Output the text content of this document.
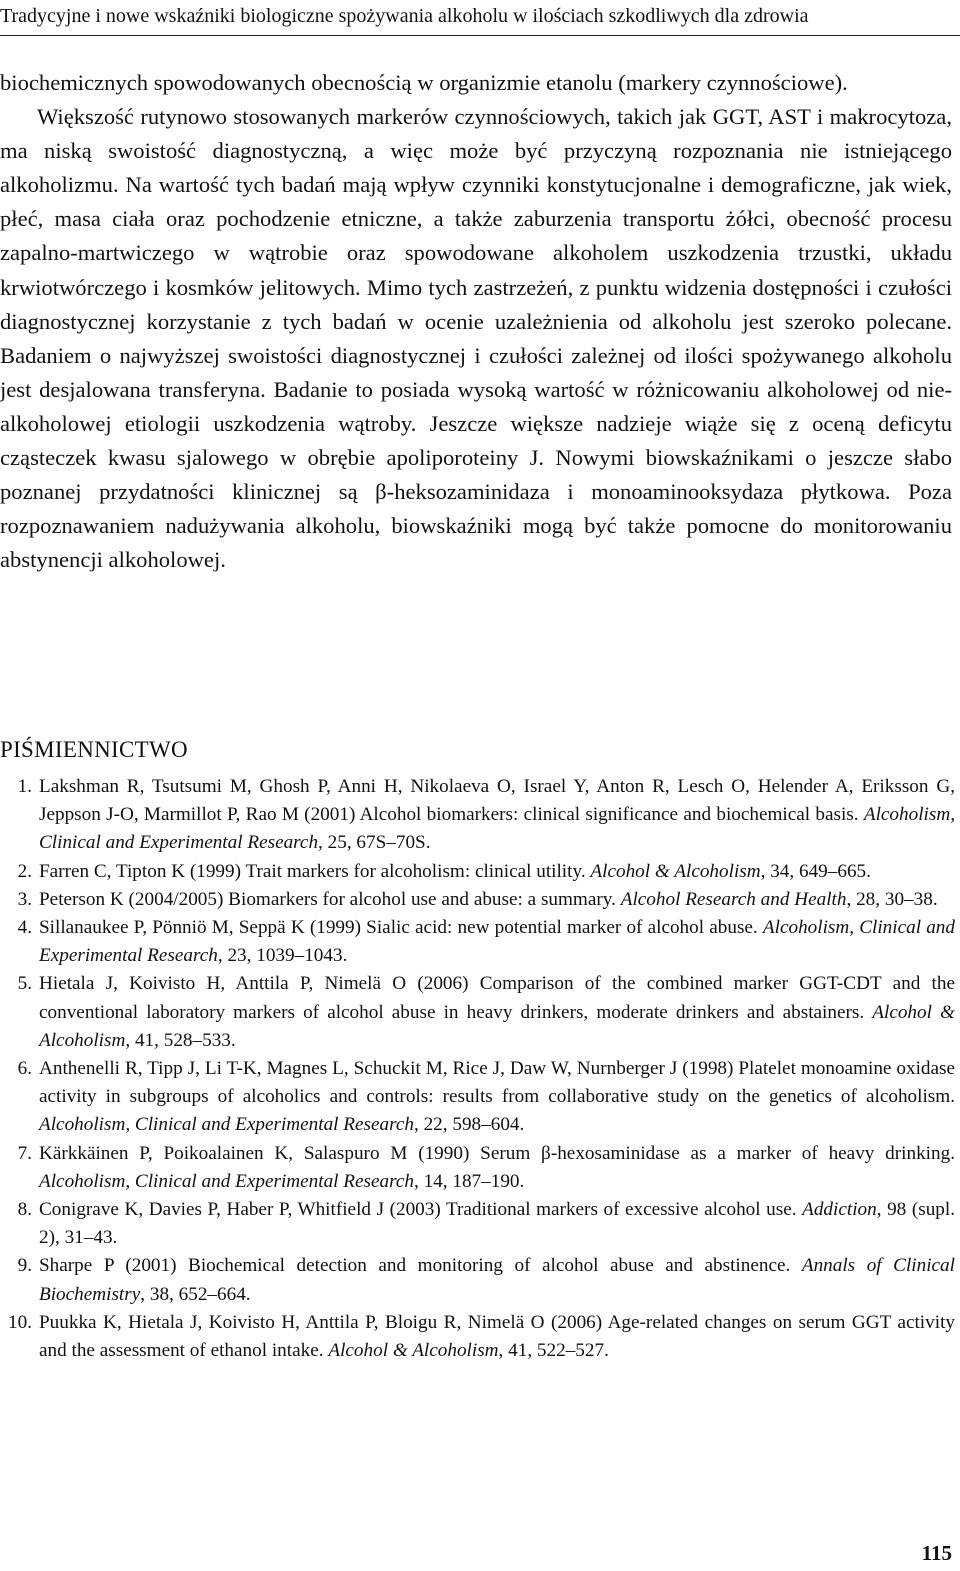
Tradycyjne i nowe wskaźniki biologiczne spożywania alkoholu w ilościach szkodliwych dla zdrowia

biochemicznych spowodowanych obecnością w organizmie etanolu (markery czynnościowe).

Większość rutynowo stosowanych markerów czynnościowych, takich jak GGT, AST i makrocytoza, ma niską swoistość diagnostyczną, a więc może być przyczyną rozpoznania nie istniejącego alkoholizmu. Na wartość tych badań mają wpływ czynniki konstytucjonalne i demograficzne, jak wiek, płeć, masa ciała oraz pochodzenie etniczne, a także zaburzenia transportu żółci, obecność procesu zapalno-martwiczego w wątrobie oraz spowodowane alkoholem uszkodzenia trzustki, układu krwiotwórczego i kosmków jelitowych. Mimo tych zastrzeżeń, z punktu widzenia dostępności i czułości diagnostycznej korzystanie z tych badań w ocenie uzależnienia od alkoholu jest szeroko polecane. Badaniem o najwyższej swoistości diagnostycznej i czułości zależnej od ilości spożywanego alkoholu jest desjalowana transferyna. Badanie to posiada wysoką wartość w różnicowaniu alkoholowej od nie-alkoholowej etiologii uszkodzenia wątroby. Jeszcze większe nadzieje wiąże się z oceną deficytu cząsteczek kwasu sjalowego w obrębie apoliporoteiny J. Nowymi biowskaźnikami o jeszcze słabo poznanej przydatności klinicznej są β-heksozaminidaza i monoaminooksydaza płytkowa. Poza rozpoznawaniem nadużywania alkoholu, biowskaźniki mogą być także pomocne do monitorowaniu abstynencji alkoholowej.

PIŚMIENNICTWO
1. Lakshman R, Tsutsumi M, Ghosh P, Anni H, Nikolaeva O, Israel Y, Anton R, Lesch O, Helender A, Eriksson G, Jeppson J-O, Marmillot P, Rao M (2001) Alcohol biomarkers: clinical significance and biochemical basis. Alcoholism, Clinical and Experimental Research, 25, 67S–70S.
2. Farren C, Tipton K (1999) Trait markers for alcoholism: clinical utility. Alcohol & Alcoholism, 34, 649–665.
3. Peterson K (2004/2005) Biomarkers for alcohol use and abuse: a summary. Alcohol Research and Health, 28, 30–38.
4. Sillanaukee P, Pönniö M, Seppä K (1999) Sialic acid: new potential marker of alcohol abuse. Alcoholism, Clinical and Experimental Research, 23, 1039–1043.
5. Hietala J, Koivisto H, Anttila P, Nimelä O (2006) Comparison of the combined marker GGT-CDT and the conventional laboratory markers of alcohol abuse in heavy drinkers, moderate drinkers and abstainers. Alcohol & Alcoholism, 41, 528–533.
6. Anthenelli R, Tipp J, Li T-K, Magnes L, Schuckit M, Rice J, Daw W, Nurnberger J (1998) Platelet monoamine oxidase activity in subgroups of alcoholics and controls: results from collaborative study on the genetics of alcoholism. Alcoholism, Clinical and Experimental Research, 22, 598–604.
7. Kärkkäinen P, Poikoalainen K, Salaspuro M (1990) Serum β-hexosaminidase as a marker of heavy drinking. Alcoholism, Clinical and Experimental Research, 14, 187–190.
8. Conigrave K, Davies P, Haber P, Whitfield J (2003) Traditional markers of excessive alcohol use. Addiction, 98 (supl. 2), 31–43.
9. Sharpe P (2001) Biochemical detection and monitoring of alcohol abuse and abstinence. Annals of Clinical Biochemistry, 38, 652–664.
10. Puukka K, Hietala J, Koivisto H, Anttila P, Bloigu R, Nimelä O (2006) Age-related changes on serum GGT activity and the assessment of ethanol intake. Alcohol & Alcoholism, 41, 522–527.
115
